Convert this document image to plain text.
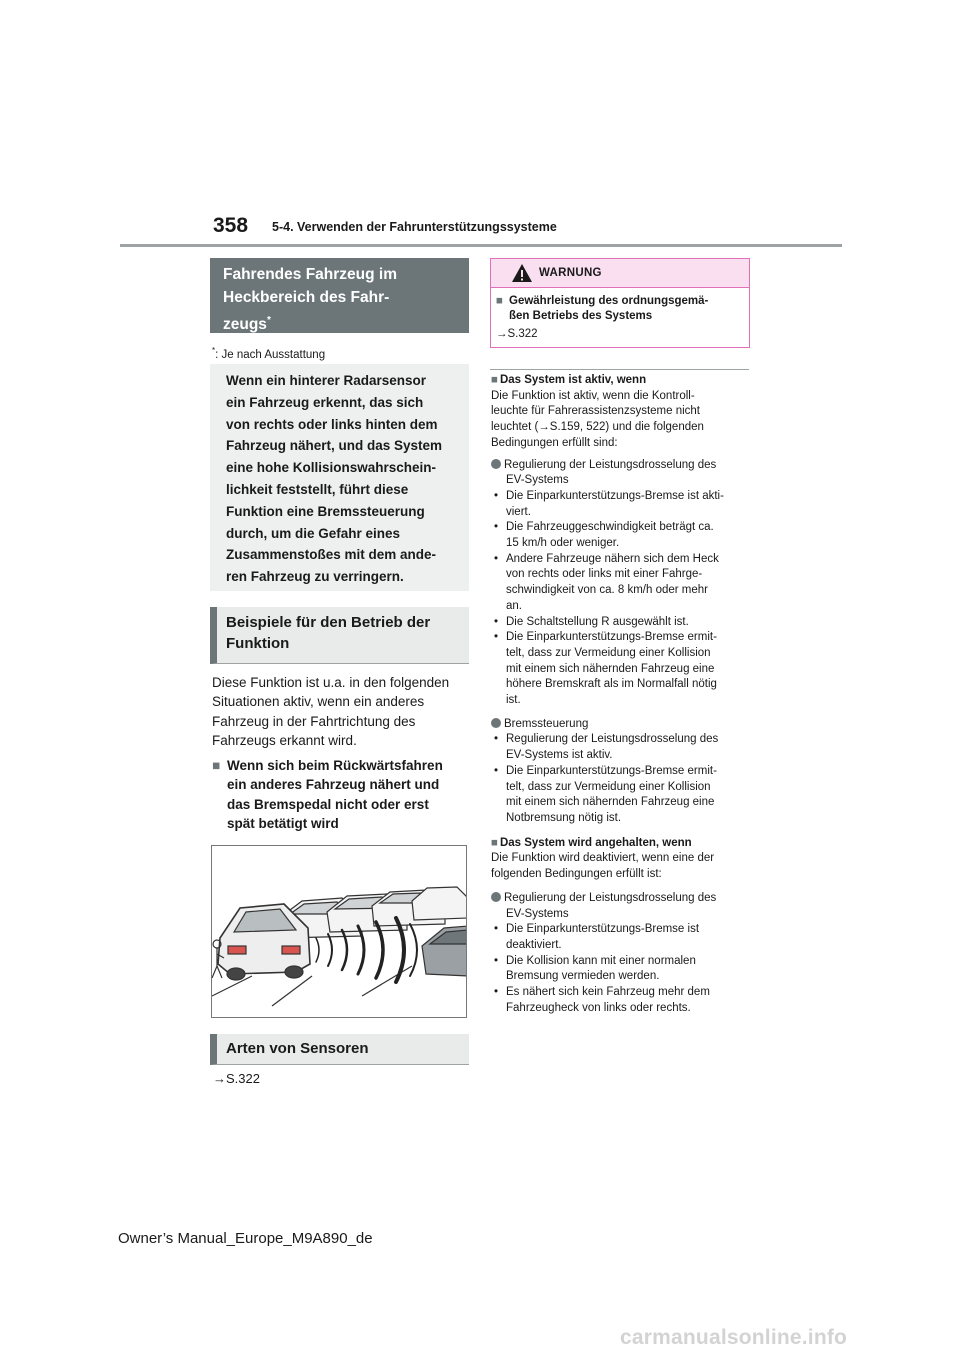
358 5-4. Verwenden der Fahrunterstützungssysteme
Fahrendes Fahrzeug im
Heckbereich des Fahr-
zeugs*
*: Je nach Ausstattung
Wenn ein hinterer Radarsensor
ein Fahrzeug erkennt, das sich
von rechts oder links hinten dem
Fahrzeug nähert, und das System
eine hohe Kollisionswahrschein-
lichkeit feststellt, führt diese
Funktion eine Bremssteuerung
durch, um die Gefahr eines
Zusammenstoßes mit dem ande-
ren Fahrzeug zu verringern.
Beispiele für den Betrieb der
Funktion
Diese Funktion ist u.a. in den folgenden
Situationen aktiv, wenn ein anderes
Fahrzeug in der Fahrtrichtung des
Fahrzeugs erkannt wird.
■ Wenn sich beim Rückwärtsfahren
ein anderes Fahrzeug nähert und
das Bremspedal nicht oder erst
spät betätigt wird
Arten von Sensoren
→S.322
WARNUNG
■ Gewährleistung des ordnungsgemä-
ßen Betriebs des Systems
→S.322
■ Das System ist aktiv, wenn
Die Funktion ist aktiv, wenn die Kontroll-
leuchte für Fahrerassistenzsysteme nicht
leuchtet (→S.159, 522) und die folgenden
Bedingungen erfüllt sind:
Regulierung der Leistungsdrosselung des
EV-Systems
• Die Einparkunterstützungs-Bremse ist akti-
viert.
• Die Fahrzeuggeschwindigkeit beträgt ca.
15 km/h oder weniger.
• Andere Fahrzeuge nähern sich dem Heck
von rechts oder links mit einer Fahrge-
schwindigkeit von ca. 8 km/h oder mehr
an.
• Die Schaltstellung R ausgewählt ist.
• Die Einparkunterstützungs-Bremse ermit-
telt, dass zur Vermeidung einer Kollision
mit einem sich nähernden Fahrzeug eine
höhere Bremskraft als im Normalfall nötig
ist.
Bremssteuerung
• Regulierung der Leistungsdrosselung des
EV-Systems ist aktiv.
• Die Einparkunterstützungs-Bremse ermit-
telt, dass zur Vermeidung einer Kollision
mit einem sich nähernden Fahrzeug eine
Notbremsung nötig ist.
■ Das System wird angehalten, wenn
Die Funktion wird deaktiviert, wenn eine der
folgenden Bedingungen erfüllt ist:
Regulierung der Leistungsdrosselung des
EV-Systems
• Die Einparkunterstützungs-Bremse ist
deaktiviert.
• Die Kollision kann mit einer normalen
Bremsung vermieden werden.
• Es nähert sich kein Fahrzeug mehr dem
Fahrzeugheck von links oder rechts.
Owner’s Manual_Europe_M9A890_de
carmanualsonline.info
